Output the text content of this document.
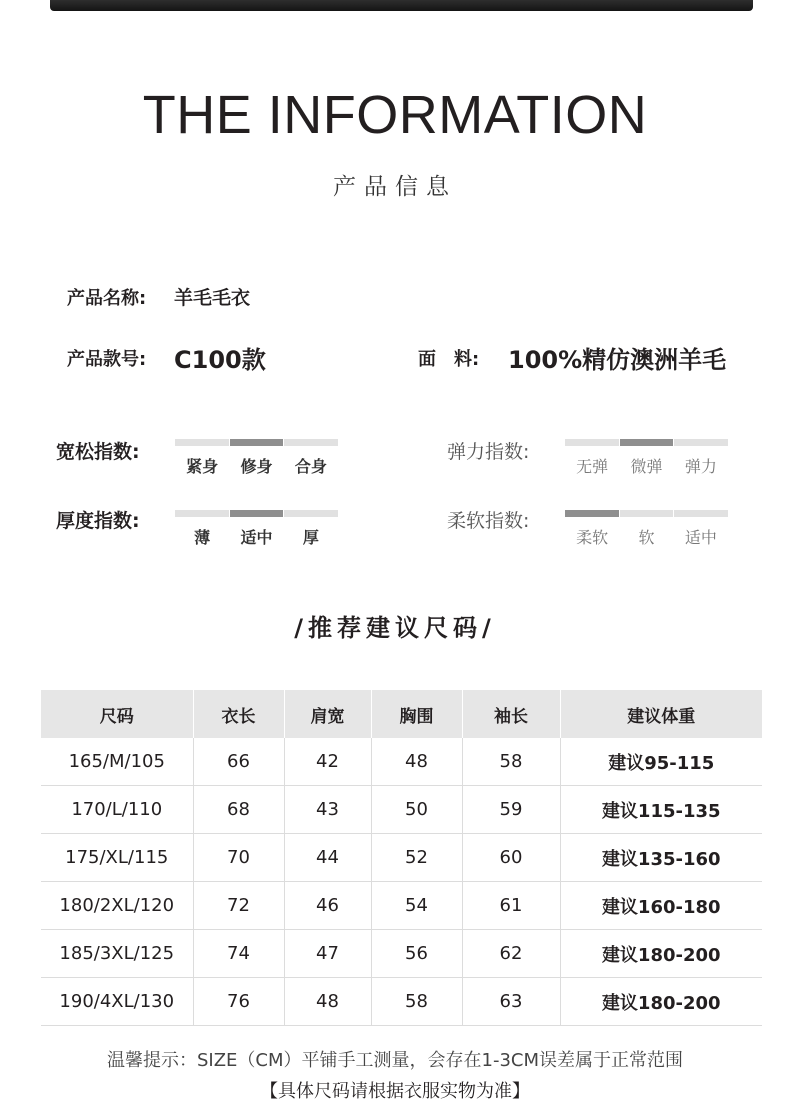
THE INFORMATION
产品信息
产品名称: 羊毛毛衣
产品款号: C100款	面　料: 100%精仿澳洲羊毛
宽松指数:
紧身	修身	合身
弹力指数:
无弹	微弹	弹力
厚度指数:
薄	适中	厚
柔软指数:
柔软	软	适中
/推荐建议尺码/
尺码	衣长	肩宽	胸围	袖长	建议体重
165/M/105	66	42	48	58	建议95-115
170/L/110	68	43	50	59	建议115-135
175/XL/115	70	44	52	60	建议135-160
180/2XL/120	72	46	54	61	建议160-180
185/3XL/125	74	47	56	62	建议180-200
190/4XL/130	76	48	58	63	建议180-200
温馨提示：SIZE（CM）平铺手工测量，会存在1-3CM误差属于正常范围
【具体尺码请根据衣服实物为准】
